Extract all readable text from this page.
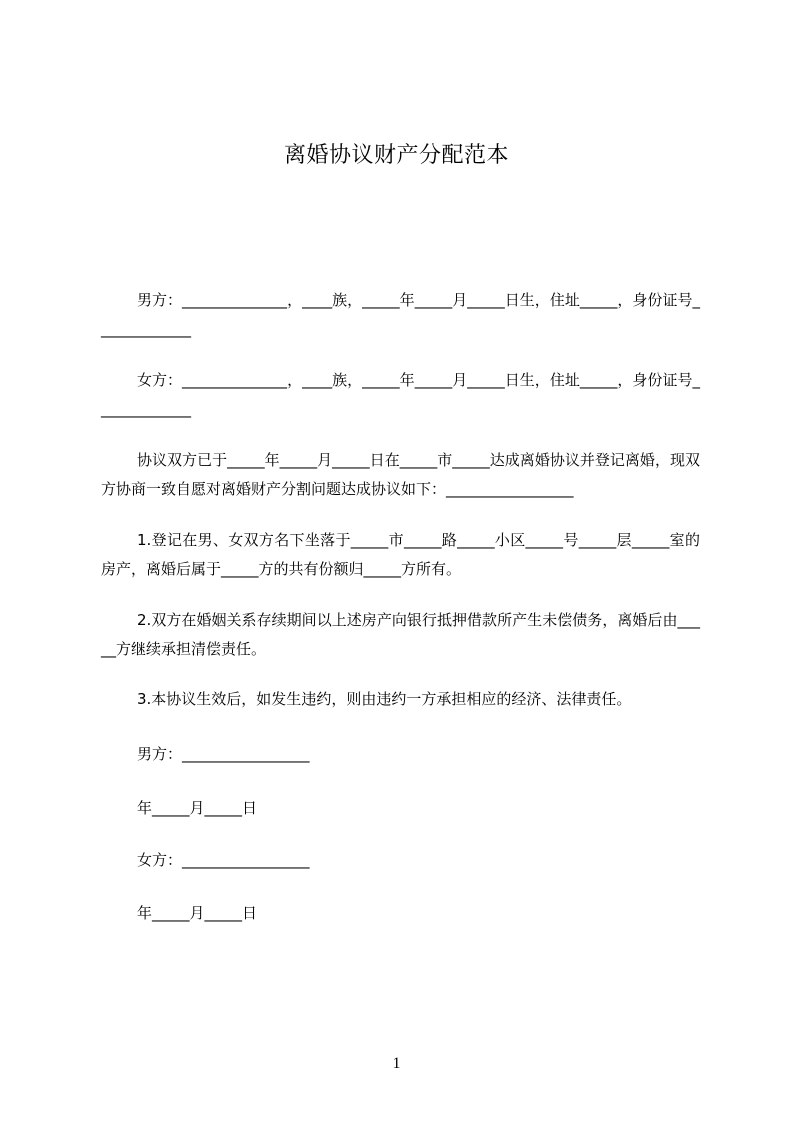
离婚协议财产分配范本

男方：______________，____族，_____年_____月_____日生，住址_____，身份证号_____________

女方：______________，____族，_____年_____月_____日生，住址_____，身份证号_____________

协议双方已于_____年_____月_____日在_____市_____达成离婚协议并登记离婚，现双方协商一致自愿对离婚财产分割问题达成协议如下：_________________

1.登记在男、女双方名下坐落于_____市_____路_____小区_____号_____层_____室的房产，离婚后属于_____方的共有份额归_____方所有。

2.双方在婚姻关系存续期间以上述房产向银行抵押借款所产生未偿债务，离婚后由_____方继续承担清偿责任。

3.本协议生效后，如发生违约，则由违约一方承担相应的经济、法律责任。

男方：_________________

年_____月_____日

女方：_________________

年_____月_____日

1
